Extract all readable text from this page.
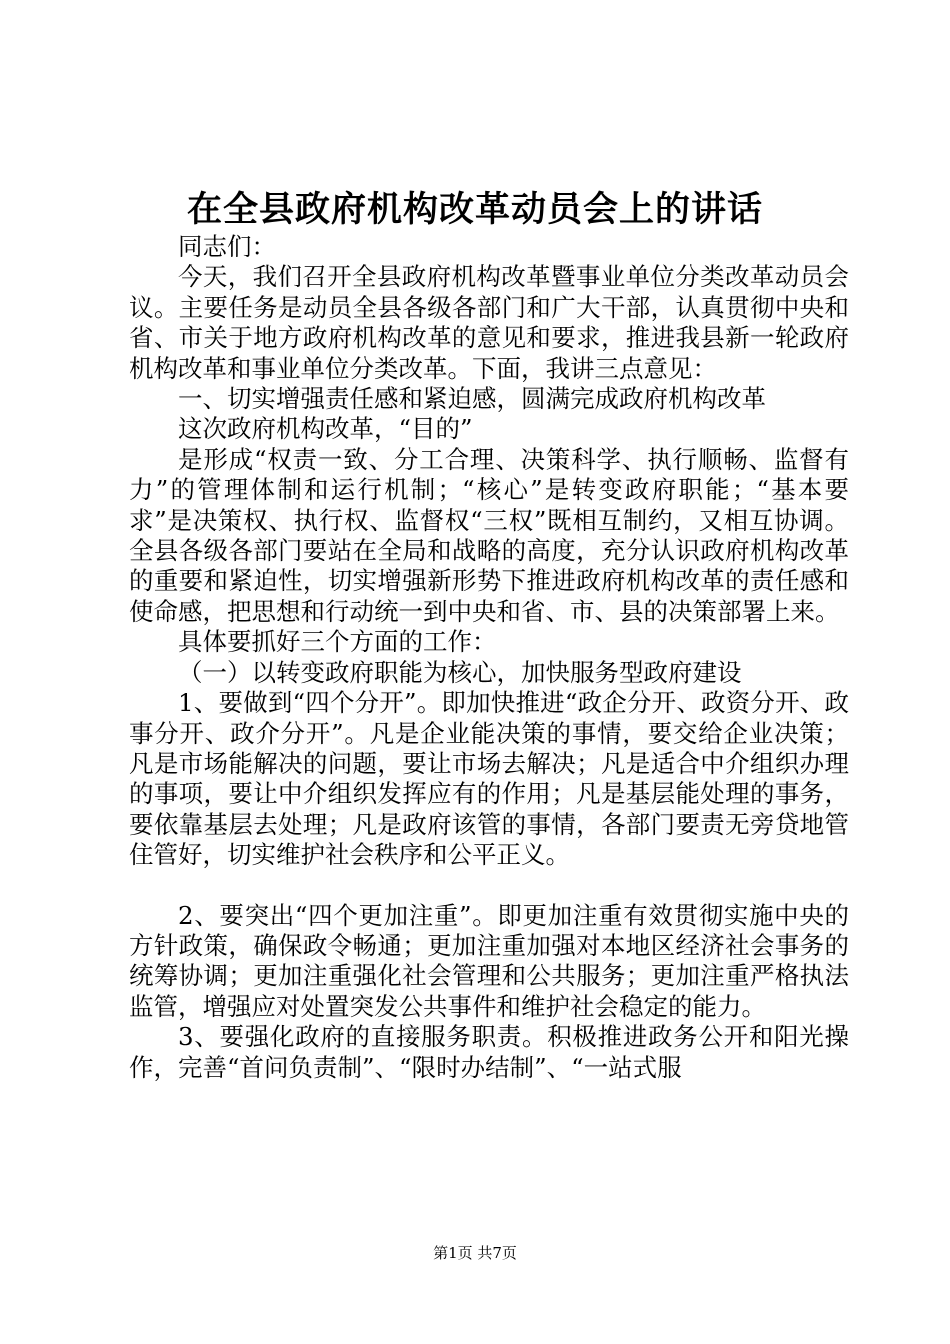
在全县政府机构改革动员会上的讲话

同志们：

今天，我们召开全县政府机构改革暨事业单位分类改革动员会议。主要任务是动员全县各级各部门和广大干部，认真贯彻中央和省、市关于地方政府机构改革的意见和要求，推进我县新一轮政府机构改革和事业单位分类改革。下面，我讲三点意见：

一、切实增强责任感和紧迫感，圆满完成政府机构改革

这次政府机构改革，“目的”

是形成“权责一致、分工合理、决策科学、执行顺畅、监督有力”的管理体制和运行机制；“核心”是转变政府职能；“基本要求”是决策权、执行权、监督权“三权”既相互制约，又相互协调。全县各级各部门要站在全局和战略的高度，充分认识政府机构改革的重要和紧迫性，切实增强新形势下推进政府机构改革的责任感和使命感，把思想和行动统一到中央和省、市、县的决策部署上来。

具体要抓好三个方面的工作：

（一）以转变政府职能为核心，加快服务型政府建设

1、要做到“四个分开”。即加快推进“政企分开、政资分开、政事分开、政介分开”。凡是企业能决策的事情，要交给企业决策；凡是市场能解决的问题，要让市场去解决；凡是适合中介组织办理的事项，要让中介组织发挥应有的作用；凡是基层能处理的事务，要依靠基层去处理；凡是政府该管的事情，各部门要责无旁贷地管住管好，切实维护社会秩序和公平正义。

2、要突出“四个更加注重”。即更加注重有效贯彻实施中央的方针政策，确保政令畅通；更加注重加强对本地区经济社会事务的统筹协调；更加注重强化社会管理和公共服务；更加注重严格执法监管，增强应对处置突发公共事件和维护社会稳定的能力。

3、要强化政府的直接服务职责。积极推进政务公开和阳光操作，完善“首问负责制”、“限时办结制”、“一站式服

第1页 共7页
